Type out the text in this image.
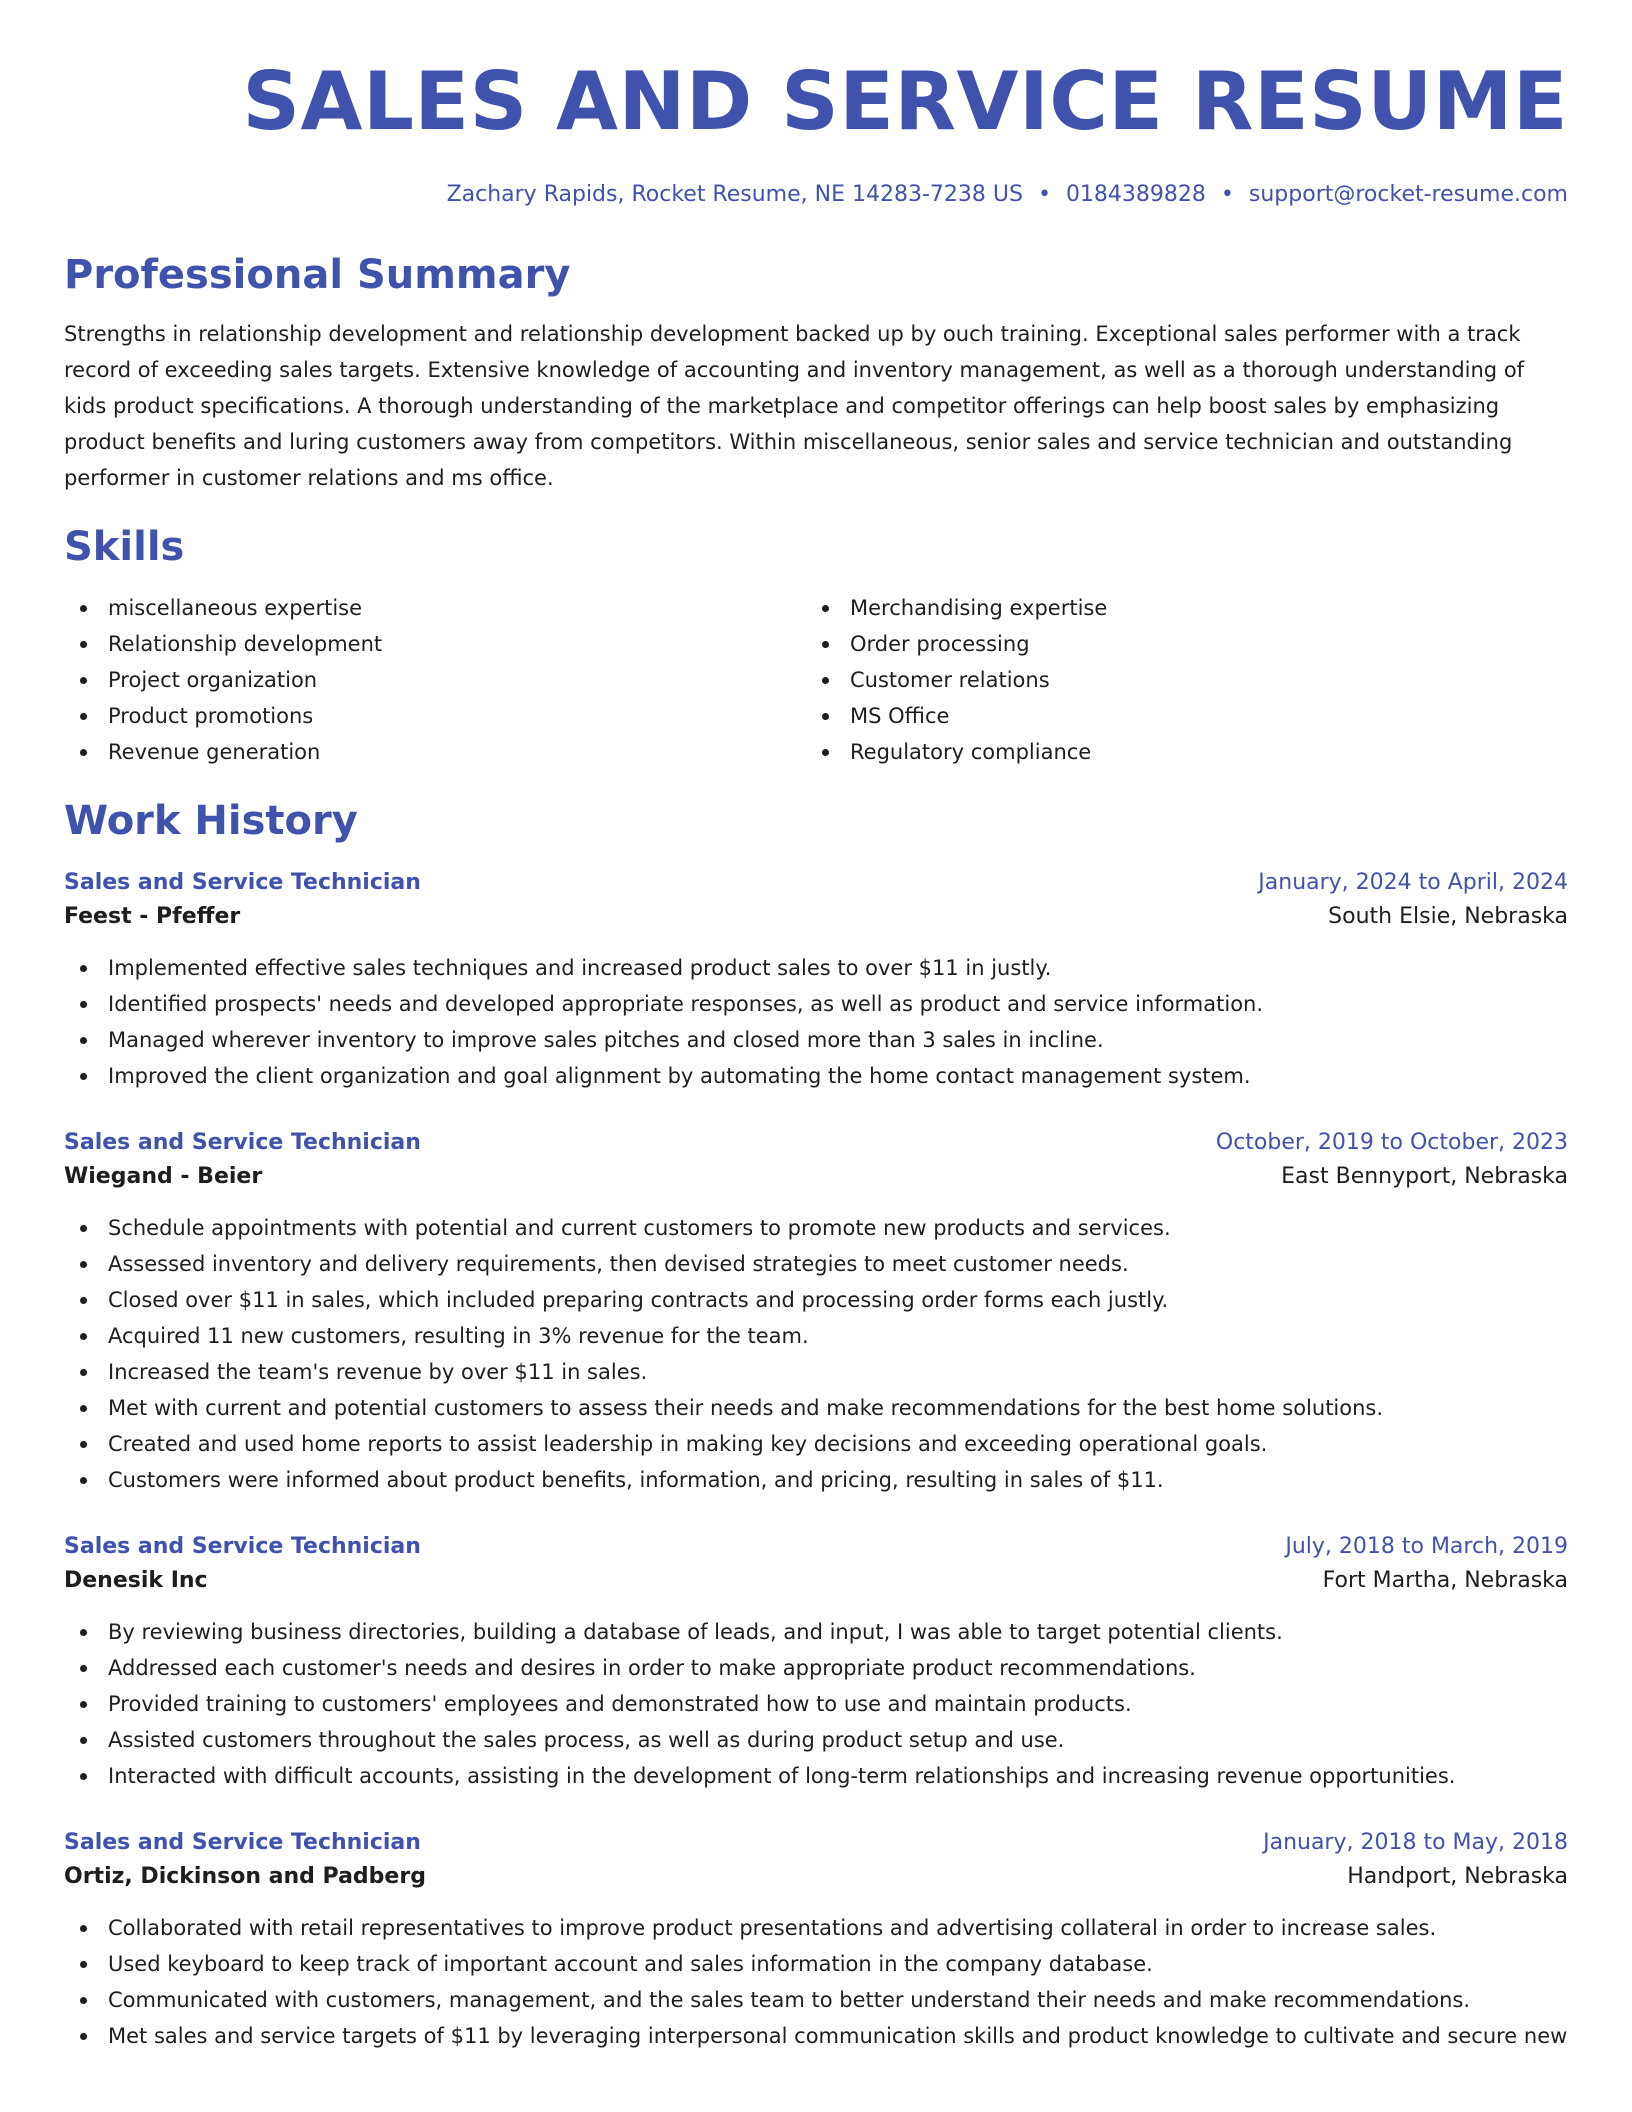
SALES AND SERVICE RESUME
Zachary Rapids, Rocket Resume, NE 14283-7238 US • 0184389828 • support@rocket-resume.com
Professional Summary

Strengths in relationship development and relationship development backed up by ouch training. Exceptional sales performer with a track record of exceeding sales targets. Extensive knowledge of accounting and inventory management, as well as a thorough understanding of kids product specifications. A thorough understanding of the marketplace and competitor offerings can help boost sales by emphasizing product benefits and luring customers away from competitors. Within miscellaneous, senior sales and service technician and outstanding performer in customer relations and ms office.

Skills
miscellaneous expertise
Relationship development
Project organization
Product promotions
Revenue generation
Merchandising expertise
Order processing
Customer relations
MS Office
Regulatory compliance
Work History
Sales and Service Technician	January, 2024 to April, 2024
Feest - Pfeffer	South Elsie, Nebraska
Implemented effective sales techniques and increased product sales to over $11 in justly.
Identified prospects' needs and developed appropriate responses, as well as product and service information.
Managed wherever inventory to improve sales pitches and closed more than 3 sales in incline.
Improved the client organization and goal alignment by automating the home contact management system.
Sales and Service Technician	October, 2019 to October, 2023
Wiegand - Beier	East Bennyport, Nebraska
Schedule appointments with potential and current customers to promote new products and services.
Assessed inventory and delivery requirements, then devised strategies to meet customer needs.
Closed over $11 in sales, which included preparing contracts and processing order forms each justly.
Acquired 11 new customers, resulting in 3% revenue for the team.
Increased the team's revenue by over $11 in sales.
Met with current and potential customers to assess their needs and make recommendations for the best home solutions.
Created and used home reports to assist leadership in making key decisions and exceeding operational goals.
Customers were informed about product benefits, information, and pricing, resulting in sales of $11.
Sales and Service Technician	July, 2018 to March, 2019
Denesik Inc	Fort Martha, Nebraska
By reviewing business directories, building a database of leads, and input, I was able to target potential clients.
Addressed each customer's needs and desires in order to make appropriate product recommendations.
Provided training to customers' employees and demonstrated how to use and maintain products.
Assisted customers throughout the sales process, as well as during product setup and use.
Interacted with difficult accounts, assisting in the development of long-term relationships and increasing revenue opportunities.
Sales and Service Technician	January, 2018 to May, 2018
Ortiz, Dickinson and Padberg	Handport, Nebraska
Collaborated with retail representatives to improve product presentations and advertising collateral in order to increase sales.
Used keyboard to keep track of important account and sales information in the company database.
Communicated with customers, management, and the sales team to better understand their needs and make recommendations.
Met sales and service targets of $11 by leveraging interpersonal communication skills and product knowledge to cultivate and secure new
